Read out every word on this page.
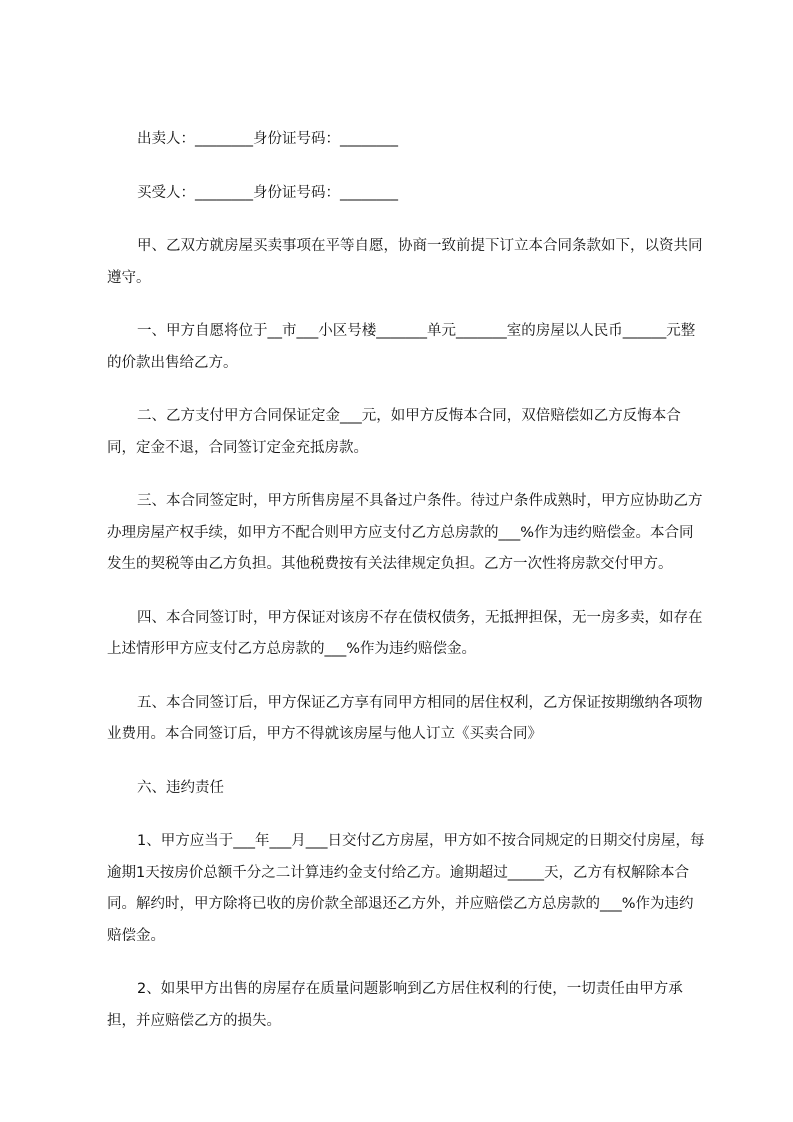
出卖人：________身份证号码：________

买受人：________身份证号码：________

甲、乙双方就房屋买卖事项在平等自愿，协商一致前提下订立本合同条款如下，以资共同遵守。

一、甲方自愿将位于__市___小区号楼_______单元_______室的房屋以人民币______元整的价款出售给乙方。

二、乙方支付甲方合同保证定金___元，如甲方反悔本合同，双倍赔偿如乙方反悔本合同，定金不退，合同签订定金充抵房款。

三、本合同签定时，甲方所售房屋不具备过户条件。待过户条件成熟时，甲方应协助乙方办理房屋产权手续，如甲方不配合则甲方应支付乙方总房款的___%作为违约赔偿金。本合同发生的契税等由乙方负担。其他税费按有关法律规定负担。乙方一次性将房款交付甲方。

四、本合同签订时，甲方保证对该房不存在债权债务，无抵押担保，无一房多卖，如存在上述情形甲方应支付乙方总房款的___%作为违约赔偿金。

五、本合同签订后，甲方保证乙方享有同甲方相同的居住权利，乙方保证按期缴纳各项物业费用。本合同签订后，甲方不得就该房屋与他人订立《买卖合同》

六、违约责任

1、甲方应当于___年___月___日交付乙方房屋，甲方如不按合同规定的日期交付房屋，每逾期1天按房价总额千分之二计算违约金支付给乙方。逾期超过_____天，乙方有权解除本合同。解约时，甲方除将已收的房价款全部退还乙方外，并应赔偿乙方总房款的___%作为违约赔偿金。

2、如果甲方出售的房屋存在质量问题影响到乙方居住权利的行使，一切责任由甲方承担，并应赔偿乙方的损失。
